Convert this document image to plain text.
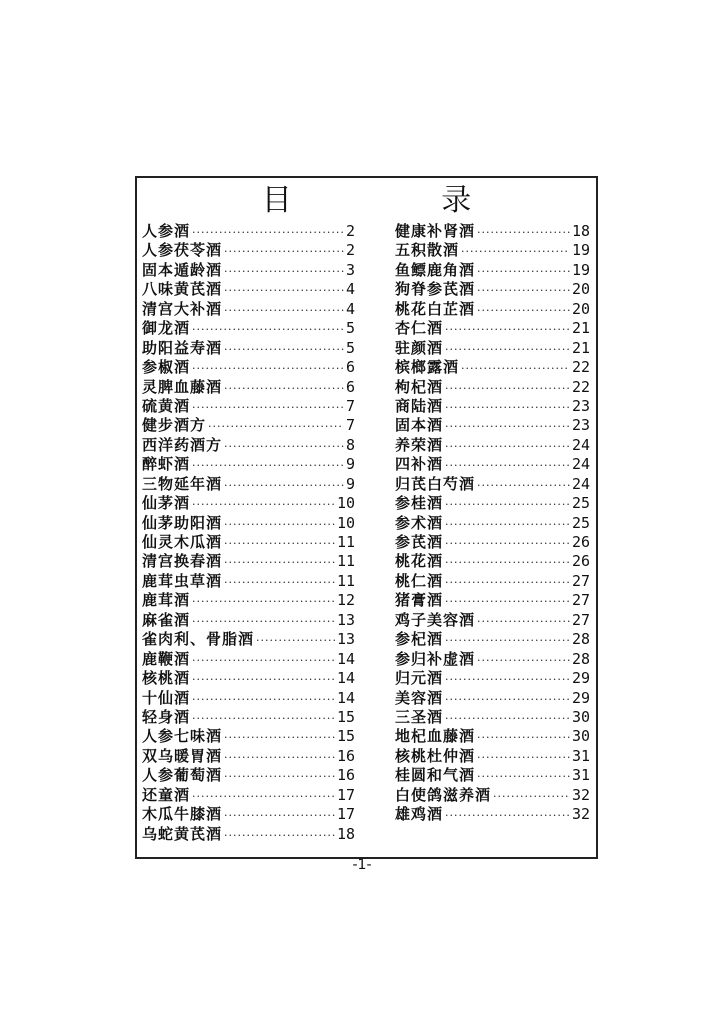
目 录
人参酒 ·····	2
人参茯苓酒 ·····	2
固本遁龄酒 ·····	3
八味黄芪酒 ·····	4
清宫大补酒 ·····	4
御龙酒 ·····	5
助阳益寿酒 ·····	5
参椒酒 ·····	6
灵脾血藤酒 ·····	6
硫黄酒 ·····	7
健步酒方 ·····	7
西洋药酒方 ·····	8
醉虾酒 ·····	9
三物延年酒 ·····	9
仙茅酒 ·····	10
仙茅助阳酒 ·····	10
仙灵木瓜酒 ·····	11
清宫换春酒 ·····	11
鹿茸虫草酒 ·····	11
鹿茸酒 ·····	12
麻雀酒 ·····	13
雀肉利、骨脂酒 ·····	13
鹿鞭酒 ·····	14
核桃酒 ·····	14
十仙酒 ·····	14
轻身酒 ·····	15
人参七味酒 ·····	15
双乌暖胃酒 ·····	16
人参葡萄酒 ·····	16
还童酒 ·····	17
木瓜牛膝酒 ·····	17
乌蛇黄芪酒 ·····	18
健康补肾酒 ·····	18
五积散酒 ·····	19
鱼鳔鹿角酒 ·····	19
狗脊参芪酒 ·····	20
桃花白芷酒 ·····	20
杏仁酒 ·····	21
驻颜酒 ·····	21
槟榔露酒 ·····	22
枸杞酒 ·····	22
商陆酒 ·····	23
固本酒 ·····	23
养荣酒 ·····	24
四补酒 ·····	24
归芪白芍酒 ·····	24
参桂酒 ·····	25
参术酒 ·····	25
参芪酒 ·····	26
桃花酒 ·····	26
桃仁酒 ·····	27
猪膏酒 ·····	27
鸡子美容酒 ·····	27
参杞酒 ·····	28
参归补虚酒 ·····	28
归元酒 ·····	29
美容酒 ·····	29
三圣酒 ·····	30
地杞血藤酒 ·····	30
核桃杜仲酒 ·····	31
桂圆和气酒 ·····	31
白使鸽滋养酒 ·····	32
雄鸡酒 ·····	32
-1-
